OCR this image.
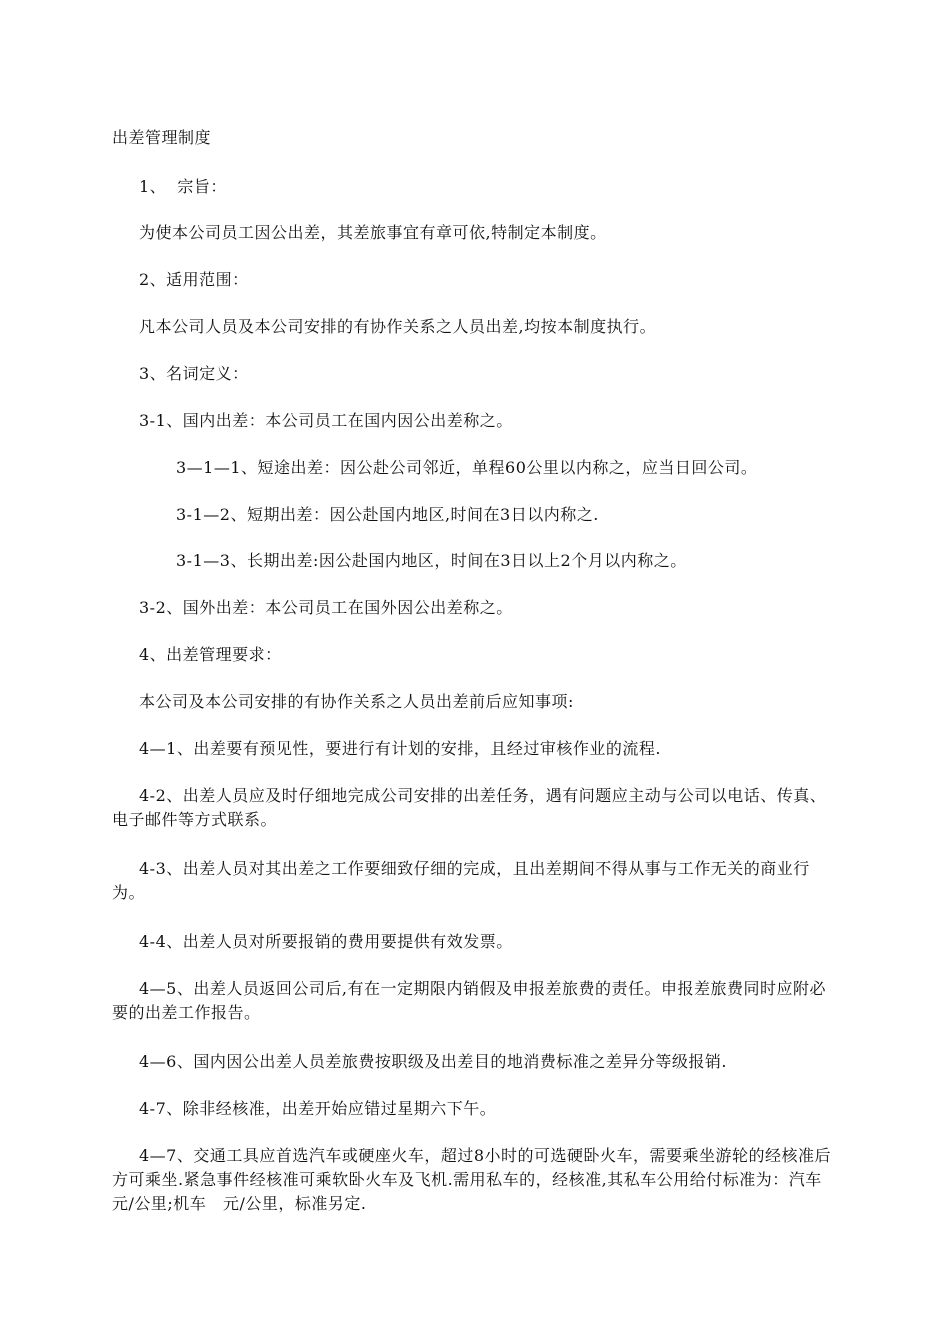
出差管理制度
1、  宗旨：
为使本公司员工因公出差，其差旅事宜有章可依,特制定本制度。
2、适用范围：
凡本公司人员及本公司安排的有协作关系之人员出差,均按本制度执行。
3、名词定义：
3-1、国内出差：本公司员工在国内因公出差称之。
3—1—1、短途出差：因公赴公司邻近，单程60公里以内称之，应当日回公司。
3-1—2、短期出差：因公赴国内地区,时间在3日以内称之.
3-1—3、长期出差:因公赴国内地区，时间在3日以上2个月以内称之。
3-2、国外出差：本公司员工在国外因公出差称之。
4、出差管理要求：
本公司及本公司安排的有协作关系之人员出差前后应知事项:
4—1、出差要有预见性，要进行有计划的安排，且经过审核作业的流程.
4-2、出差人员应及时仔细地完成公司安排的出差任务，遇有问题应主动与公司以电话、传真、电子邮件等方式联系。
4-3、出差人员对其出差之工作要细致仔细的完成，且出差期间不得从事与工作无关的商业行为。
4-4、出差人员对所要报销的费用要提供有效发票。
4—5、出差人员返回公司后,有在一定期限内销假及申报差旅费的责任。申报差旅费同时应附必要的出差工作报告。
4—6、国内因公出差人员差旅费按职级及出差目的地消费标准之差异分等级报销.
4-7、除非经核准，出差开始应错过星期六下午。
4—7、交通工具应首选汽车或硬座火车，超过8小时的可选硬卧火车，需要乘坐游轮的经核准后方可乘坐.紧急事件经核准可乘软卧火车及飞机.需用私车的，经核准,其私车公用给付标准为：汽车      元/公里;机车   元/公里，标准另定.
